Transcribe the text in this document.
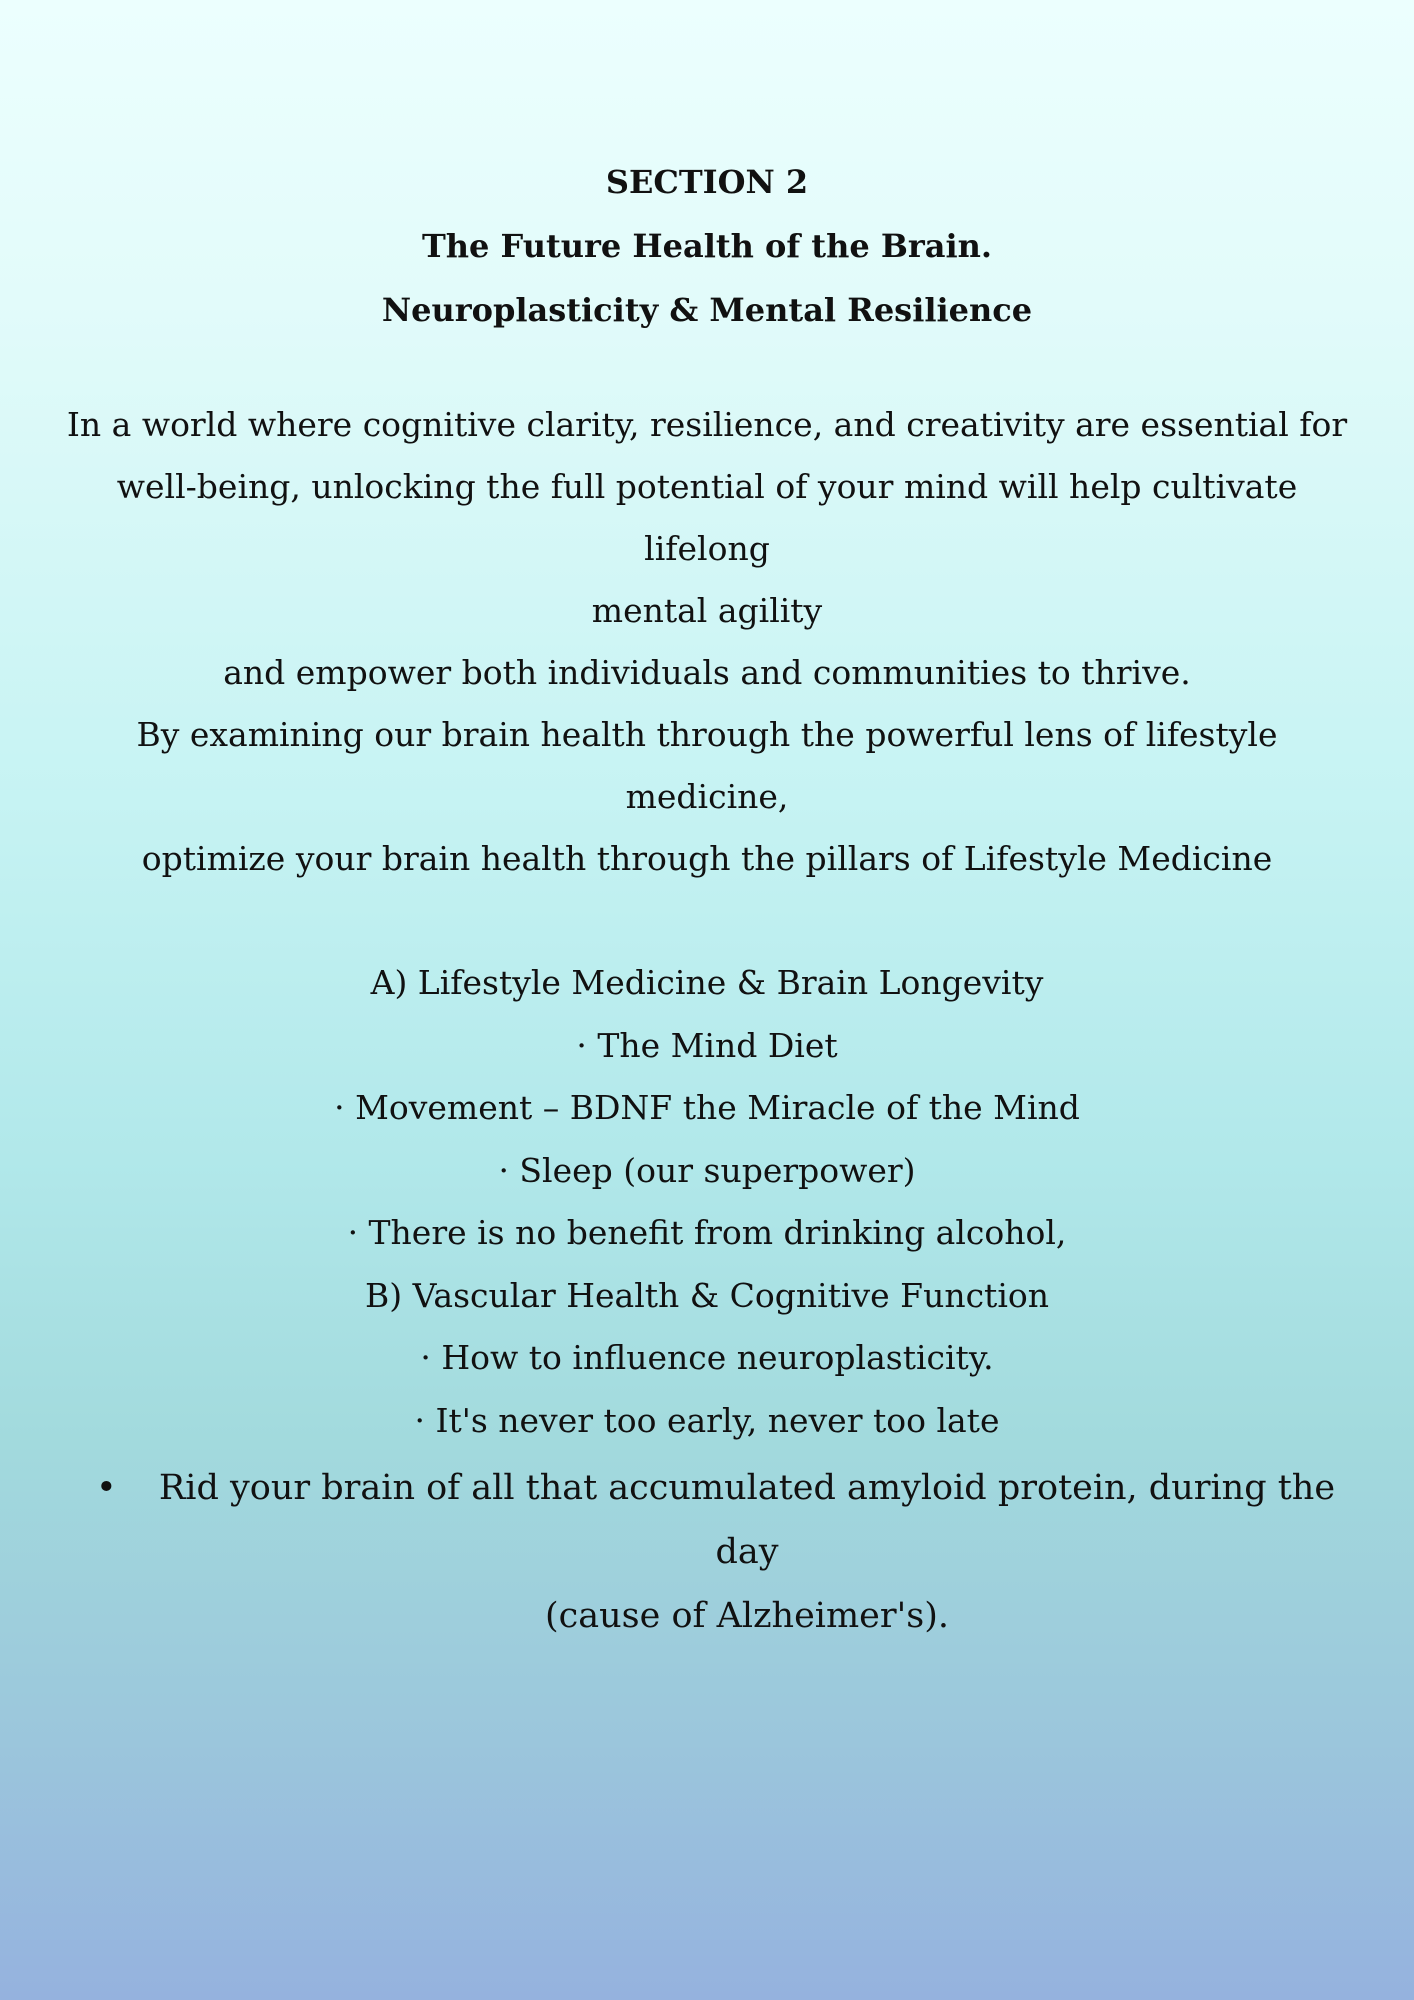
SECTION 2
The Future Health of the Brain.
Neuroplasticity & Mental Resilience

In a world where cognitive clarity, resilience, and creativity are essential for

well-being, unlocking the full potential of your mind will help cultivate lifelong

mental agility

and empower both individuals and communities to thrive.

By examining our brain health through the powerful lens of lifestyle medicine,

optimize your brain health through the pillars of Lifestyle Medicine

A) Lifestyle Medicine & Brain Longevity
· The Mind Diet
· Movement – BDNF the Miracle of the Mind
· Sleep (our superpower)
· There is no benefit from drinking alcohol,
B) Vascular Health & Cognitive Function
· How to influence neuroplasticity.
· It's never too early, never too late
•	Rid your brain of all that accumulated amyloid protein, during the day
(cause of Alzheimer's).
